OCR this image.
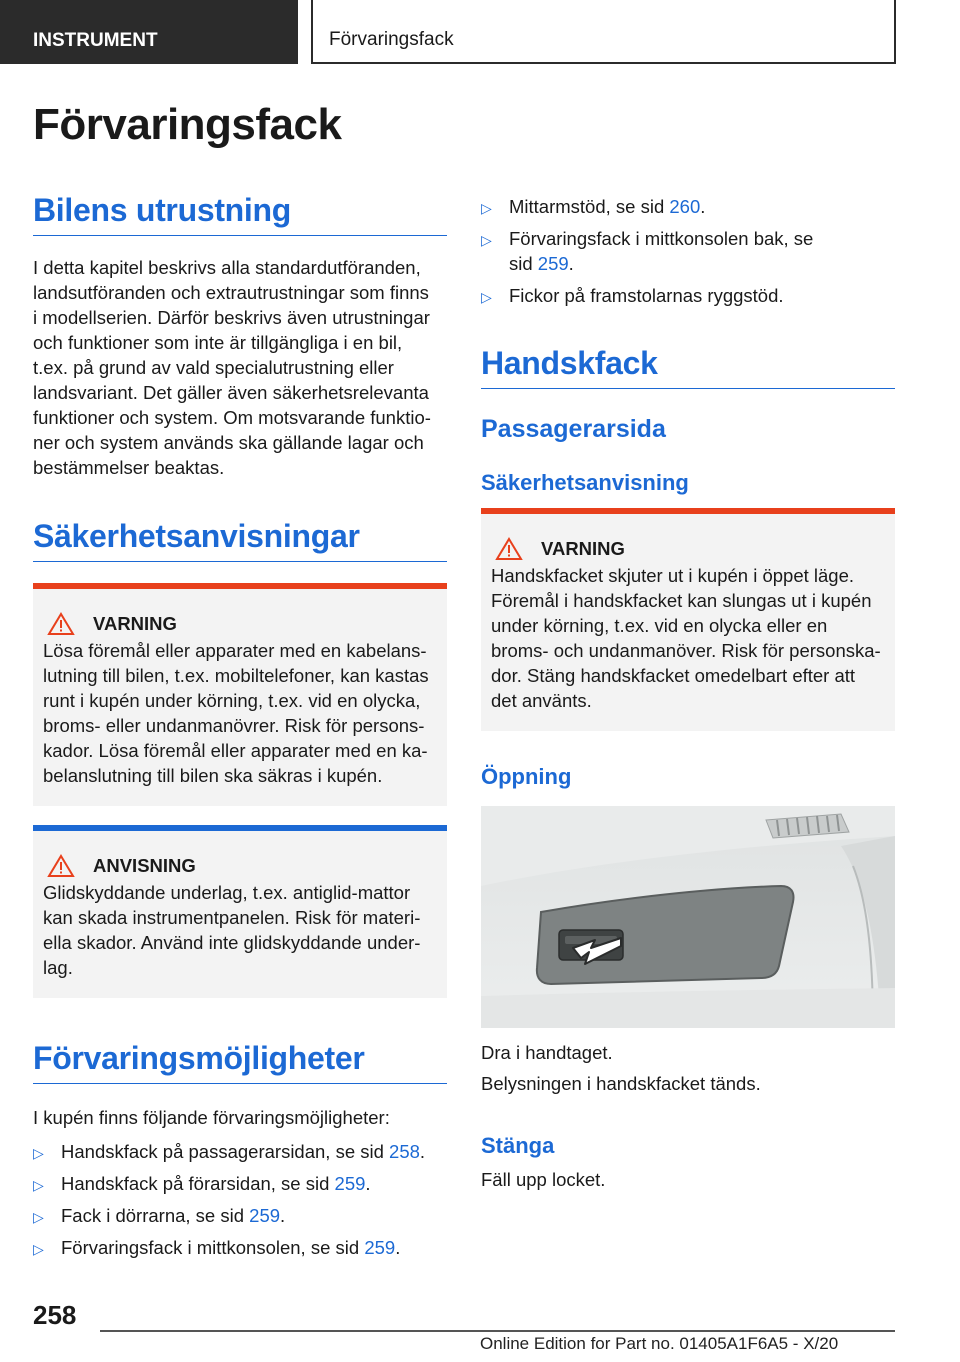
INSTRUMENT	Förvaringsfack
Förvaringsfack
Bilens utrustning
I detta kapitel beskrivs alla standardutföranden,
landsutföranden och extrautrustningar som finns
i modellserien. Därför beskrivs även utrustningar
och funktioner som inte är tillgängliga i en bil,
t.ex. på grund av vald specialutrustning eller
landsvariant. Det gäller även säkerhetsrelevanta
funktioner och system. Om motsvarande funktio-
ner och system används ska gällande lagar och
bestämmelser beaktas.
Säkerhetsanvisningar
VARNING
Lösa föremål eller apparater med en kabelans-
lutning till bilen, t.ex. mobiltelefoner, kan kastas
runt i kupén under körning, t.ex. vid en olycka,
broms- eller undanmanövrer. Risk för persons-
kador. Lösa föremål eller apparater med en ka-
belanslutning till bilen ska säkras i kupén.
ANVISNING
Glidskyddande underlag, t.ex. antiglid-mattor
kan skada instrumentpanelen. Risk för materi-
ella skador. Använd inte glidskyddande under-
lag.
Förvaringsmöjligheter
I kupén finns följande förvaringsmöjligheter:
▷ Handskfack på passagerarsidan, se sid 258.
▷ Handskfack på förarsidan, se sid 259.
▷ Fack i dörrarna, se sid 259.
▷ Förvaringsfack i mittkonsolen, se sid 259.
▷ Mittarmstöd, se sid 260.
▷ Förvaringsfack i mittkonsolen bak, se
sid 259.
▷ Fickor på framstolarnas ryggstöd.
Handskfack
Passagerarsida
Säkerhetsanvisning
VARNING
Handskfacket skjuter ut i kupén i öppet läge.
Föremål i handskfacket kan slungas ut i kupén
under körning, t.ex. vid en olycka eller en
broms- och undanmanöver. Risk för personska-
dor. Stäng handskfacket omedelbart efter att
det använts.
Öppning
Dra i handtaget.
Belysningen i handskfacket tänds.
Stänga
Fäll upp locket.
258
Online Edition for Part no. 01405A1F6A5 - X/20
